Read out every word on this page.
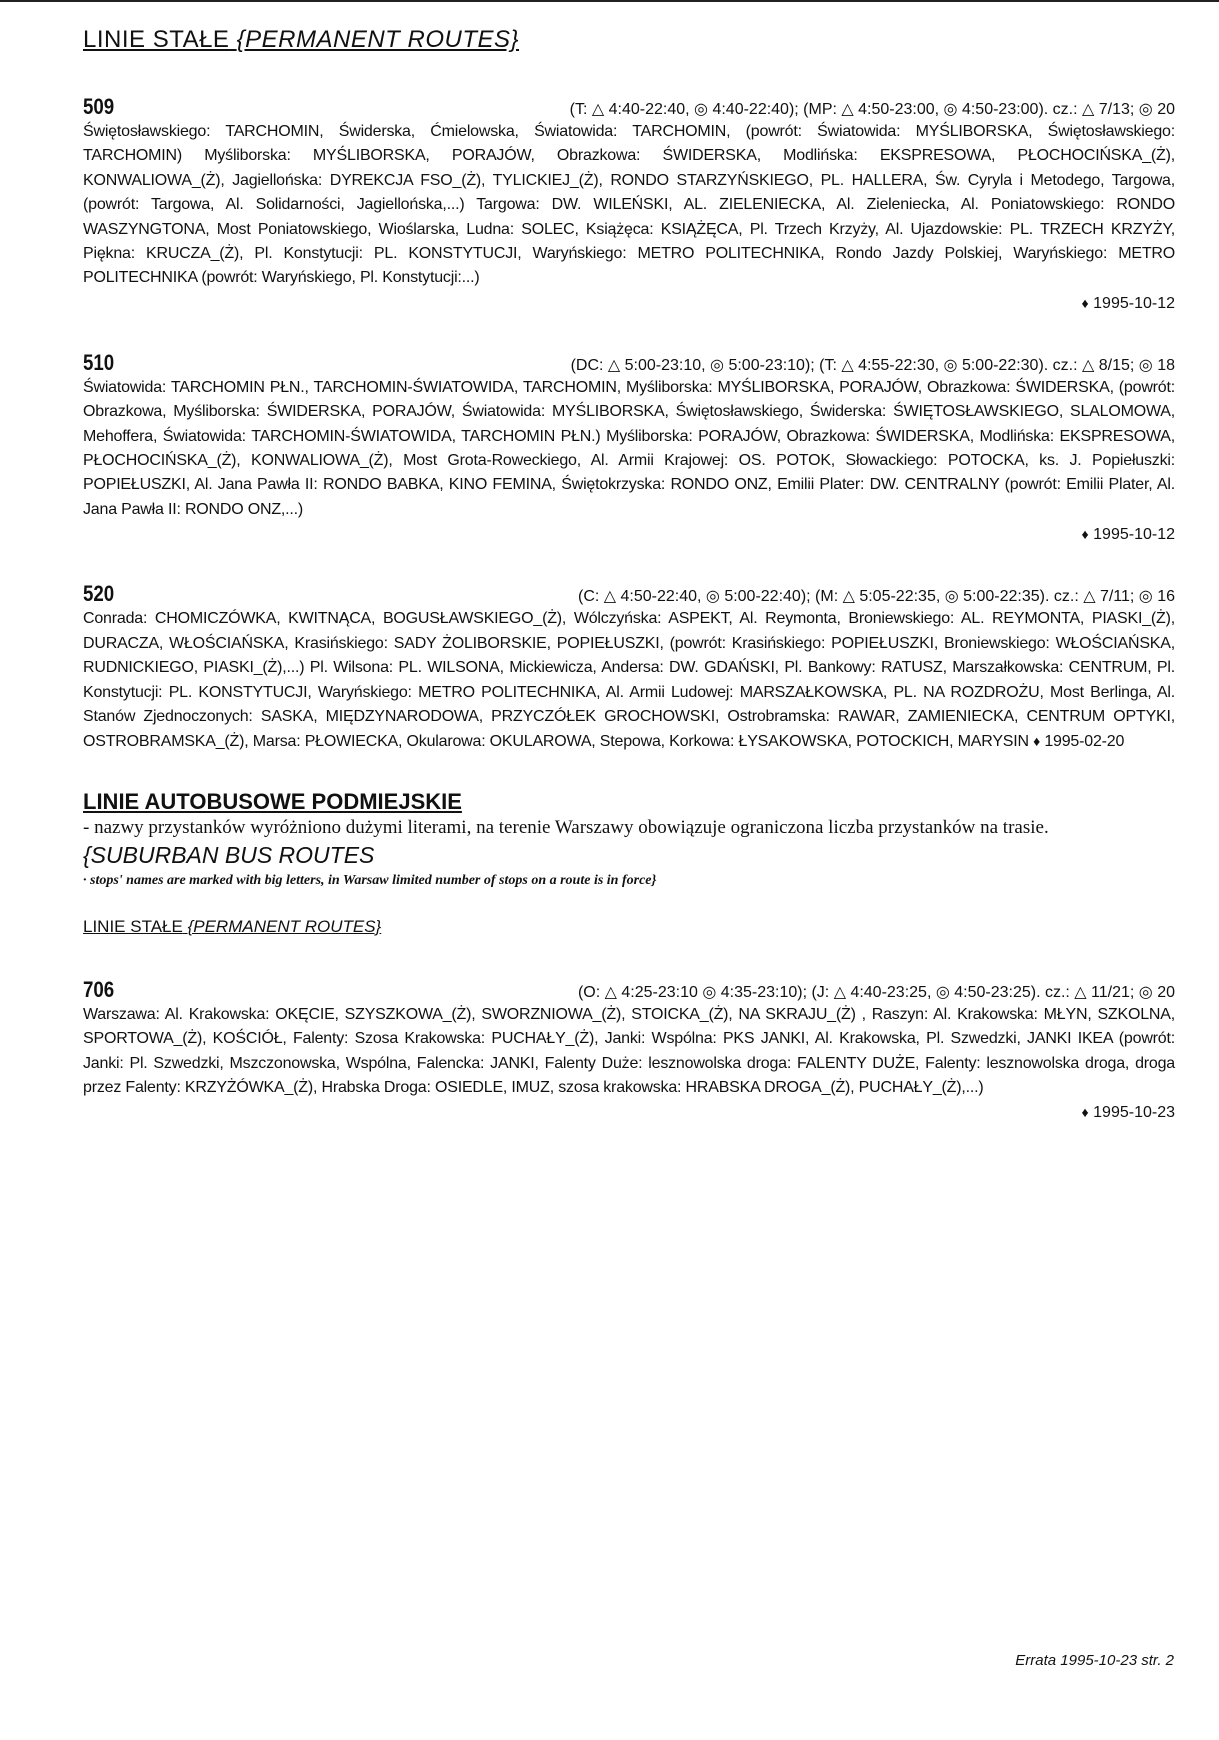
LINIE STAŁE {PERMANENT ROUTES}
509	(T: △ 4:40-22:40, ◎ 4:40-22:40); (MP: △ 4:50-23:00, ◎ 4:50-23:00). cz.: △ 7/13; ◎ 20
Świętosławskiego: TARCHOMIN, Świderska, Ćmielowska, Światowida: TARCHOMIN, (powrót: Światowida: MYŚLIBORSKA, Świętosławskiego: TARCHOMIN) Myśliborska: MYŚLIBORSKA, PORAJÓW, Obrazkowa: ŚWIDERSKA, Modlińska: EKSPRESOWA, PŁOCHOCIŃSKA_(Ż), KONWALIOWA_(Ż), Jagiellońska: DYREKCJA FSO_(Ż), TYLICKIEJ_(Ż), RONDO STARZYŃSKIEGO, PL. HALLERA, Św. Cyryla i Metodego, Targowa, (powrót: Targowa, Al. Solidarności, Jagiellońska,...) Targowa: DW. WILEŃSKI, AL. ZIELENIECKA, Al. Zieleniecka, Al. Poniatowskiego: RONDO WASZYNGTONA, Most Poniatowskiego, Wioślarska, Ludna: SOLEC, Książęca: KSIĄŻĘCA, Pl. Trzech Krzyży, Al. Ujazdowskie: PL. TRZECH KRZYŻY, Piękna: KRUCZA_(Ż), Pl. Konstytucji: PL. KONSTYTUCJI, Waryńskiego: METRO POLITECHNIKA, Rondo Jazdy Polskiej, Waryńskiego: METRO POLITECHNIKA (powrót: Waryńskiego, Pl. Konstytucji:...)
♦ 1995-10-12
510	(DC: △ 5:00-23:10, ◎ 5:00-23:10); (T: △ 4:55-22:30, ◎ 5:00-22:30). cz.: △ 8/15; ◎ 18
Światowida: TARCHOMIN PŁN., TARCHOMIN-ŚWIATOWIDA, TARCHOMIN, Myśliborska: MYŚLIBORSKA, PORAJÓW, Obrazkowa: ŚWIDERSKA, (powrót: Obrazkowa, Myśliborska: ŚWIDERSKA, PORAJÓW, Światowida: MYŚLIBORSKA, Świętosławskiego, Świderska: ŚWIĘTOSŁAWSKIEGO, SLALOMOWA, Mehoffera, Światowida: TARCHOMIN-ŚWIATOWIDA, TARCHOMIN PŁN.) Myśliborska: PORAJÓW, Obrazkowa: ŚWIDERSKA, Modlińska: EKSPRESOWA, PŁOCHOCIŃSKA_(Ż), KONWALIOWA_(Ż), Most Grota-Roweckiego, Al. Armii Krajowej: OS. POTOK, Słowackiego: POTOCKA, ks. J. Popiełuszki: POPIEŁUSZKI, Al. Jana Pawła II: RONDO BABKA, KINO FEMINA, Świętokrzyska: RONDO ONZ, Emilii Plater: DW. CENTRALNY (powrót: Emilii Plater, Al. Jana Pawła II: RONDO ONZ,...)
♦ 1995-10-12
520	(C: △ 4:50-22:40, ◎ 5:00-22:40); (M: △ 5:05-22:35, ◎ 5:00-22:35). cz.: △ 7/11; ◎ 16
Conrada: CHOMICZÓWKA, KWITNĄCA, BOGUSŁAWSKIEGO_(Ż), Wólczyńska: ASPEKT, Al. Reymonta, Broniewskiego: AL. REYMONTA, PIASKI_(Ż), DURACZA, WŁOŚCIAŃSKA, Krasińskiego: SADY ŻOLIBORSKIE, POPIEŁUSZKI, (powrót: Krasińskiego: POPIEŁUSZKI, Broniewskiego: WŁOŚCIAŃSKA, RUDNICKIEGO, PIASKI_(Ż),...) Pl. Wilsona: PL. WILSONA, Mickiewicza, Andersa: DW. GDAŃSKI, Pl. Bankowy: RATUSZ, Marszałkowska: CENTRUM, Pl. Konstytucji: PL. KONSTYTUCJI, Waryńskiego: METRO POLITECHNIKA, Al. Armii Ludowej: MARSZAŁKOWSKA, PL. NA ROZDROŻU, Most Berlinga, Al. Stanów Zjednoczonych: SASKA, MIĘDZYNARODOWA, PRZYCZÓŁEK GROCHOWSKI, Ostrobramska: RAWAR, ZAMIENIECKA, CENTRUM OPTYKI, OSTROBRAMSKA_(Ż), Marsa: PŁOWIECKA, Okularowa: OKULAROWA, Stepowa, Korkowa: ŁYSAKOWSKA, POTOCKICH, MARYSIN ♦ 1995-02-20
LINIE AUTOBUSOWE PODMIEJSKIE
- nazwy przystanków wyróżniono dużymi literami, na terenie Warszawy obowiązuje ograniczona liczba przystanków na trasie.
{SUBURBAN BUS ROUTES
· stops' names are marked with big letters, in Warsaw limited number of stops on a route is in force}
LINIE STAŁE {PERMANENT ROUTES}
706	(O: △ 4:25-23:10 ◎ 4:35-23:10); (J: △ 4:40-23:25, ◎ 4:50-23:25). cz.: △ 11/21; ◎ 20
Warszawa: Al. Krakowska: OKĘCIE, SZYSZKOWA_(Ż), SWORZNIOWA_(Ż), STOICKA_(Ż), NA SKRAJU_(Ż) , Raszyn: Al. Krakowska: MŁYN, SZKOLNA, SPORTOWA_(Ż), KOŚCIÓŁ, Falenty: Szosa Krakowska: PUCHAŁY_(Ż), Janki: Wspólna: PKS JANKI, Al. Krakowska, Pl. Szwedzki, JANKI IKEA (powrót: Janki: Pl. Szwedzki, Mszczonowska, Wspólna, Falencka: JANKI, Falenty Duże: lesznowolska droga: FALENTY DUŻE, Falenty: lesznowolska droga, droga przez Falenty: KRZYŻÓWKA_(Ż), Hrabska Droga: OSIEDLE, IMUZ, szosa krakowska: HRABSKA DROGA_(Ż), PUCHAŁY_(Ż),...)
♦ 1995-10-23
Errata 1995-10-23 str. 2
